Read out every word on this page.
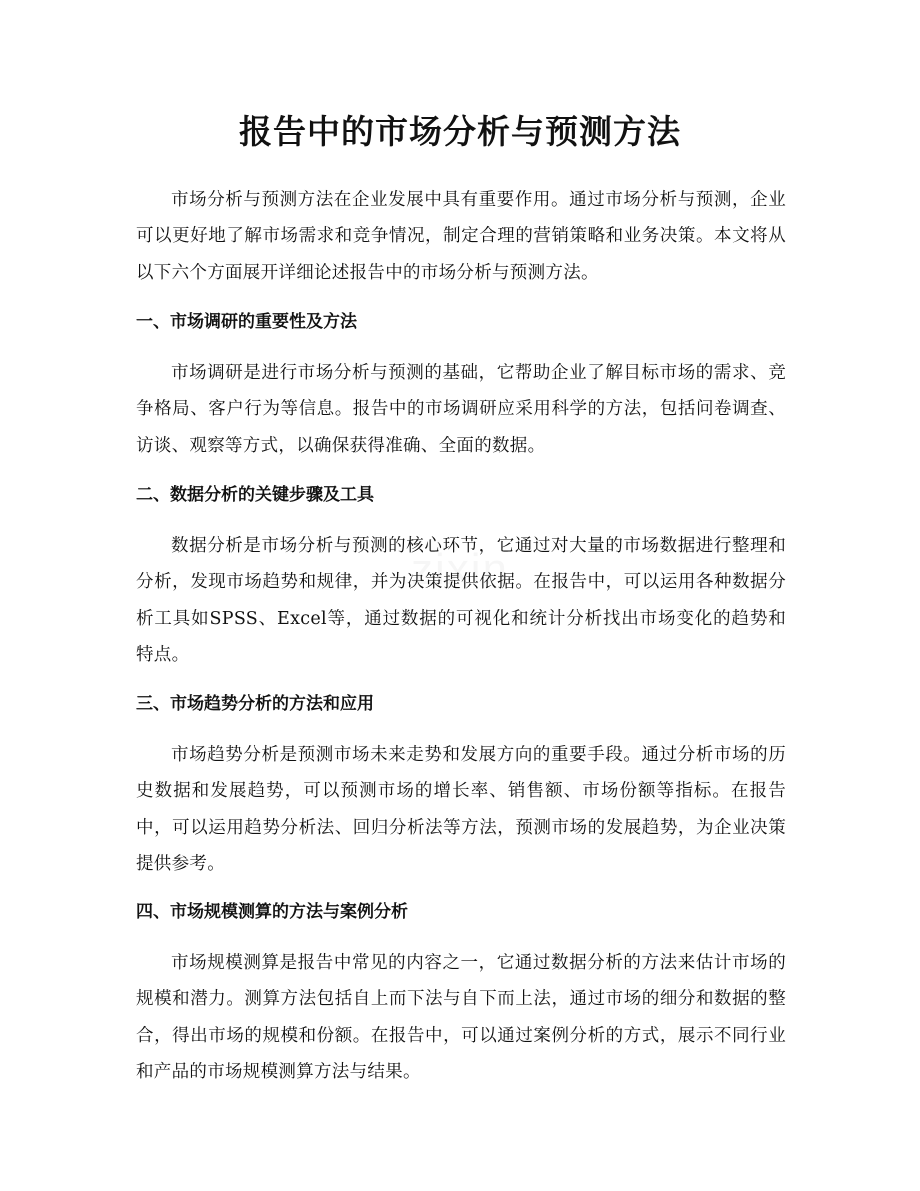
报告中的市场分析与预测方法

市场分析与预测方法在企业发展中具有重要作用。通过市场分析与预测，企业可以更好地了解市场需求和竞争情况，制定合理的营销策略和业务决策。本文将从以下六个方面展开详细论述报告中的市场分析与预测方法。

一、市场调研的重要性及方法

市场调研是进行市场分析与预测的基础，它帮助企业了解目标市场的需求、竞争格局、客户行为等信息。报告中的市场调研应采用科学的方法，包括问卷调查、访谈、观察等方式，以确保获得准确、全面的数据。

二、数据分析的关键步骤及工具

数据分析是市场分析与预测的核心环节，它通过对大量的市场数据进行整理和分析，发现市场趋势和规律，并为决策提供依据。在报告中，可以运用各种数据分析工具如SPSS、Excel等，通过数据的可视化和统计分析找出市场变化的趋势和特点。

三、市场趋势分析的方法和应用

市场趋势分析是预测市场未来走势和发展方向的重要手段。通过分析市场的历史数据和发展趋势，可以预测市场的增长率、销售额、市场份额等指标。在报告中，可以运用趋势分析法、回归分析法等方法，预测市场的发展趋势，为企业决策提供参考。

四、市场规模测算的方法与案例分析

市场规模测算是报告中常见的内容之一，它通过数据分析的方法来估计市场的规模和潜力。测算方法包括自上而下法与自下而上法，通过市场的细分和数据的整合，得出市场的规模和份额。在报告中，可以通过案例分析的方式，展示不同行业和产品的市场规模测算方法与结果。
